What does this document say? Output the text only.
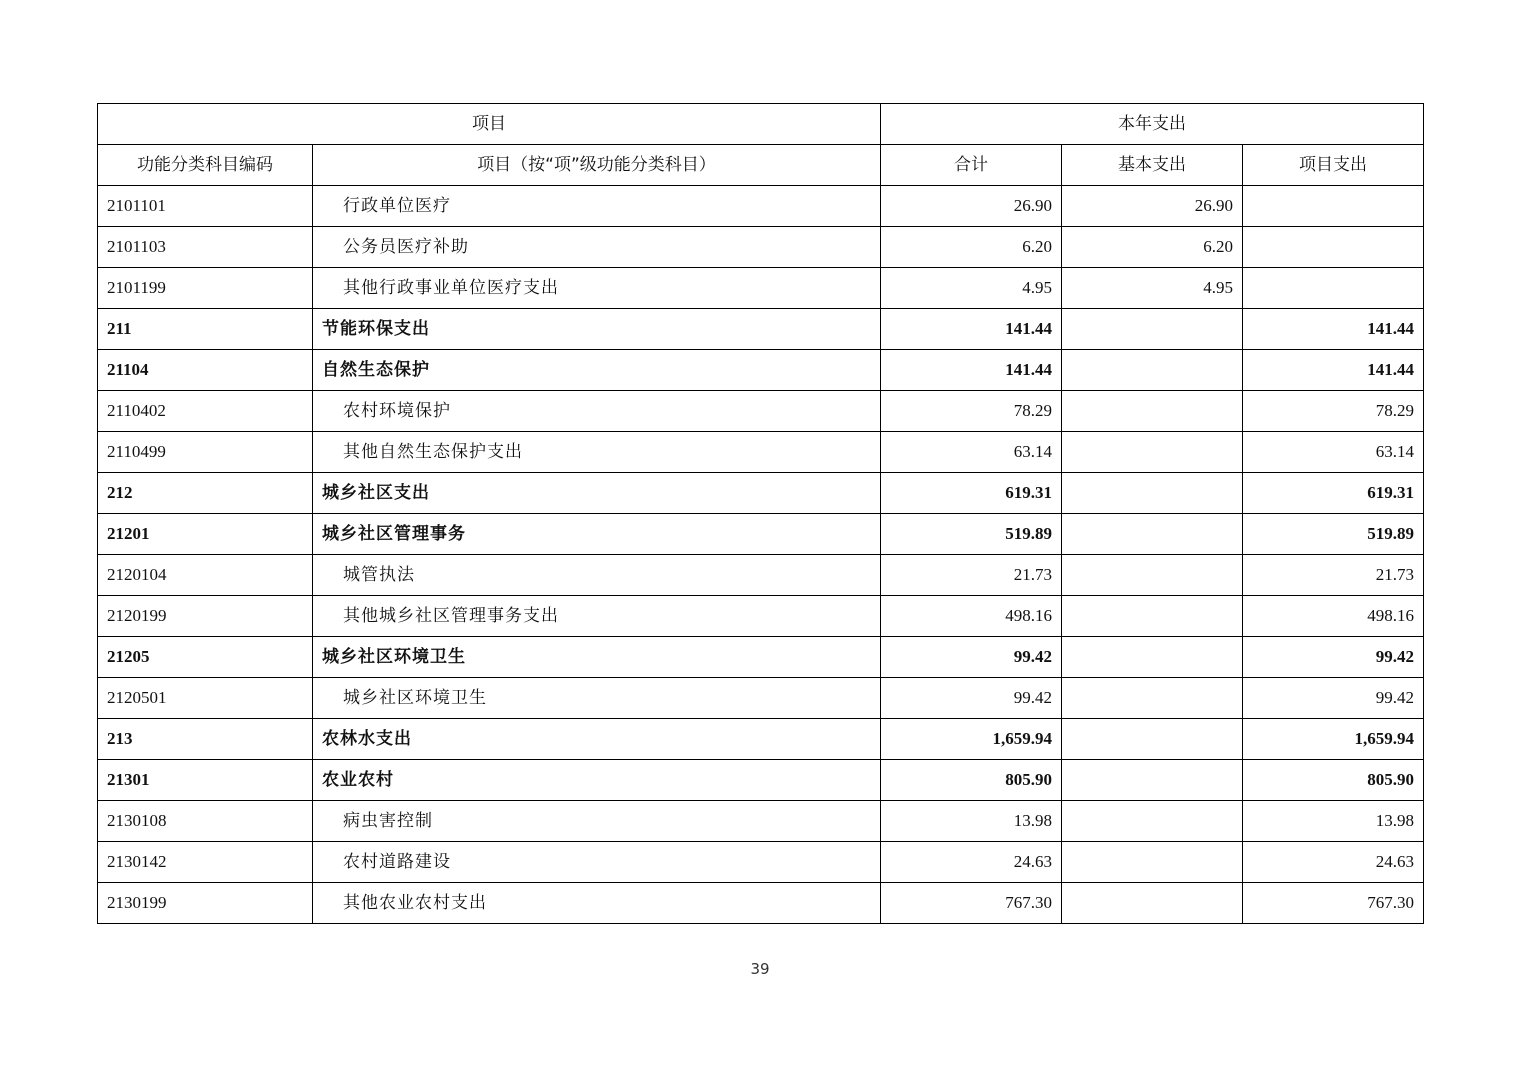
项目		本年支出		
功能分类科目编码	项目（按“项”级功能分类科目）	合计	基本支出	项目支出
2101101	行政单位医疗	26.90	26.90	
2101103	公务员医疗补助	6.20	6.20	
2101199	其他行政事业单位医疗支出	4.95	4.95	
211	节能环保支出	141.44		141.44
21104	自然生态保护	141.44		141.44
2110402	农村环境保护	78.29		78.29
2110499	其他自然生态保护支出	63.14		63.14
212	城乡社区支出	619.31		619.31
21201	城乡社区管理事务	519.89		519.89
2120104	城管执法	21.73		21.73
2120199	其他城乡社区管理事务支出	498.16		498.16
21205	城乡社区环境卫生	99.42		99.42
2120501	城乡社区环境卫生	99.42		99.42
213	农林水支出	1,659.94		1,659.94
21301	农业农村	805.90		805.90
2130108	病虫害控制	13.98		13.98
2130142	农村道路建设	24.63		24.63
2130199	其他农业农村支出	767.30		767.30
39
